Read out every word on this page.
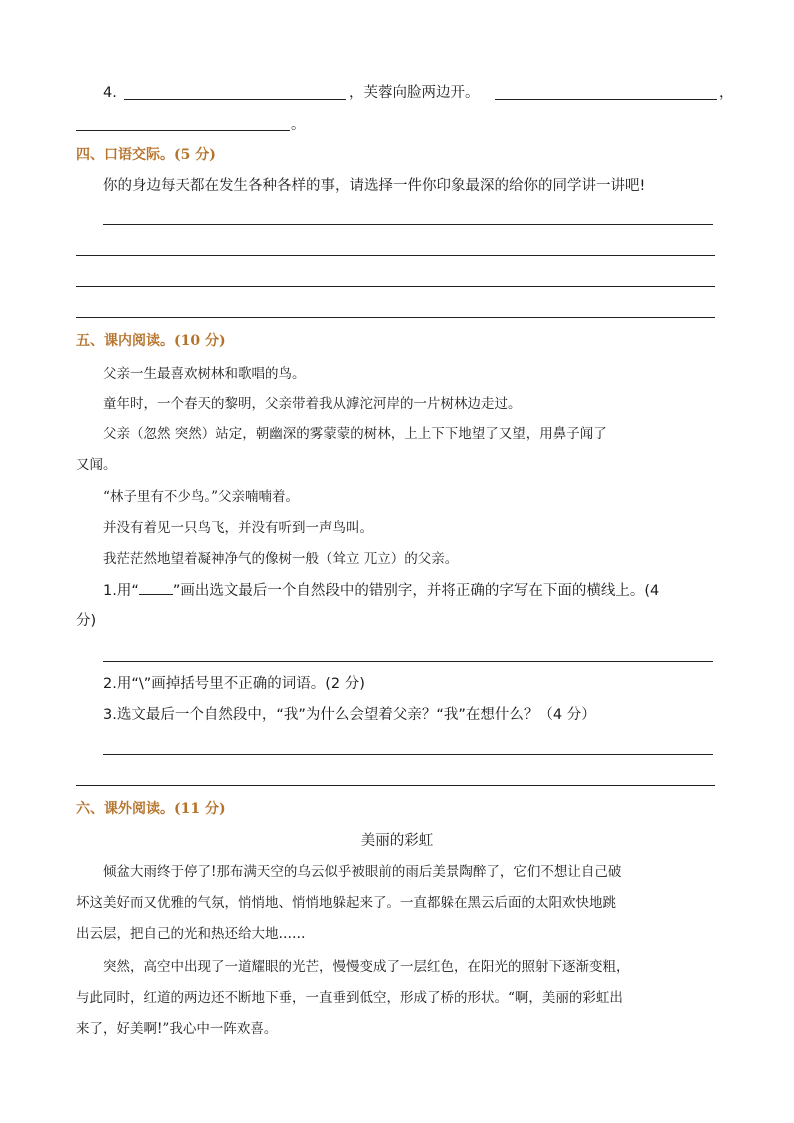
4.	，芙蓉向脸两边开。	，
。
四、口语交际。(5 分)
你的身边每天都在发生各种各样的事，请选择一件你印象最深的给你的同学讲一讲吧!
五、课内阅读。(10 分)
父亲一生最喜欢树林和歌唱的鸟。
童年时，一个春天的黎明，父亲带着我从滹沱河岸的一片树林边走过。
父亲（忽然 突然）站定，朝幽深的雾蒙蒙的树林，上上下下地望了又望，用鼻子闻了
又闻。
“林子里有不少鸟。”父亲喃喃着。
并没有着见一只鸟飞，并没有听到一声鸟叫。
我茫茫然地望着凝神净气的像树一般（耸立 兀立）的父亲。
1.用“ ”画出选文最后一个自然段中的错别字，并将正确的字写在下面的横线上。(4
分)
2.用“\”画掉括号里不正确的词语。(2 分)
3.选文最后一个自然段中，“我”为什么会望着父亲？“我”在想什么？（4 分）
六、课外阅读。(11 分)
美丽的彩虹
倾盆大雨终于停了!那布满天空的乌云似乎被眼前的雨后美景陶醉了，它们不想让自己破
坏这美好而又优雅的气氛，悄悄地、悄悄地躲起来了。一直都躲在黑云后面的太阳欢快地跳
出云层，把自己的光和热还给大地……
突然，高空中出现了一道耀眼的光芒，慢慢变成了一层红色，在阳光的照射下逐渐变粗，
与此同时，红道的两边还不断地下垂，一直垂到低空，形成了桥的形状。“啊，美丽的彩虹出
来了，好美啊!”我心中一阵欢喜。
